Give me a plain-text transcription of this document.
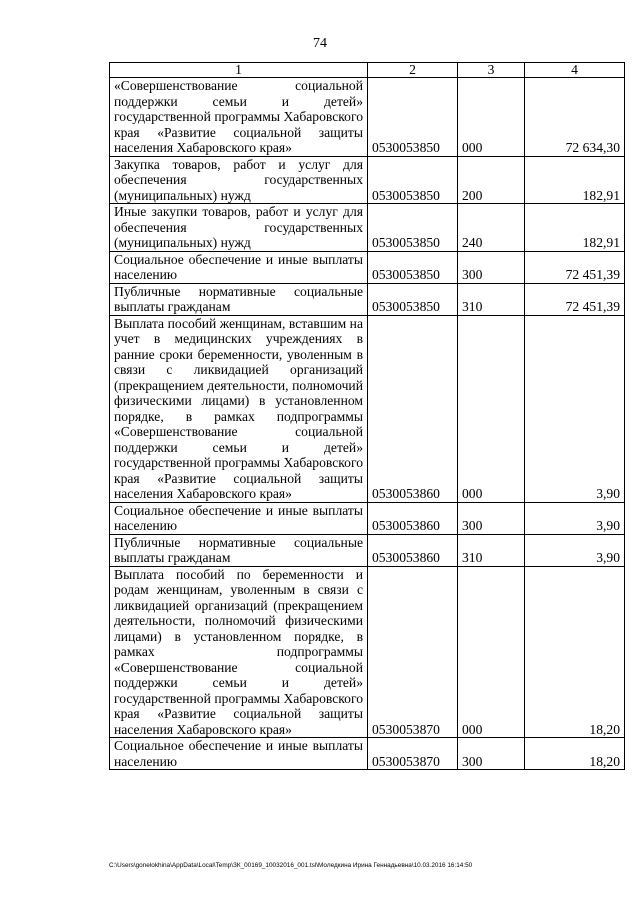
74
1	2	3	4
«Совершенствование социальной поддержки семьи и детей» государственной программы Хабаровского края «Развитие социальной защиты населения Хабаровского края»	0530053850	000	72 634,30
Закупка товаров, работ и услуг для обеспечения государственных (муниципальных) нужд	0530053850	200	182,91
Иные закупки товаров, работ и услуг для обеспечения государственных (муниципальных) нужд	0530053850	240	182,91
Социальное обеспечение и иные выплаты населению	0530053850	300	72 451,39
Публичные нормативные социальные выплаты гражданам	0530053850	310	72 451,39
Выплата пособий женщинам, вставшим на учет в медицинских учреждениях в ранние сроки беременности, уволенным в связи с ликвидацией организаций (прекращением деятельности, полномочий физическими лицами) в установленном порядке, в рамках подпрограммы «Совершенствование социальной поддержки семьи и детей» государственной программы Хабаровского края «Развитие социальной защиты населения Хабаровского края»	0530053860	000	3,90
Социальное обеспечение и иные выплаты населению	0530053860	300	3,90
Публичные нормативные социальные выплаты гражданам	0530053860	310	3,90
Выплата пособий по беременности и родам женщинам, уволенным в связи с ликвидацией организаций (прекращением деятельности, полномочий физическими лицами) в установленном порядке, в рамках подпрограммы «Совершенствование социальной поддержки семьи и детей» государственной программы Хабаровского края «Развитие социальной защиты населения Хабаровского края»	0530053870	000	18,20
Социальное обеспечение и иные выплаты населению	0530053870	300	18,20
C:\Users\gonelokhina\AppData\Local\Temp\ЗК_00169_10032016_001.tsl\Моледкина Ирина Геннадьевна\10.03.2016 16:14:50
